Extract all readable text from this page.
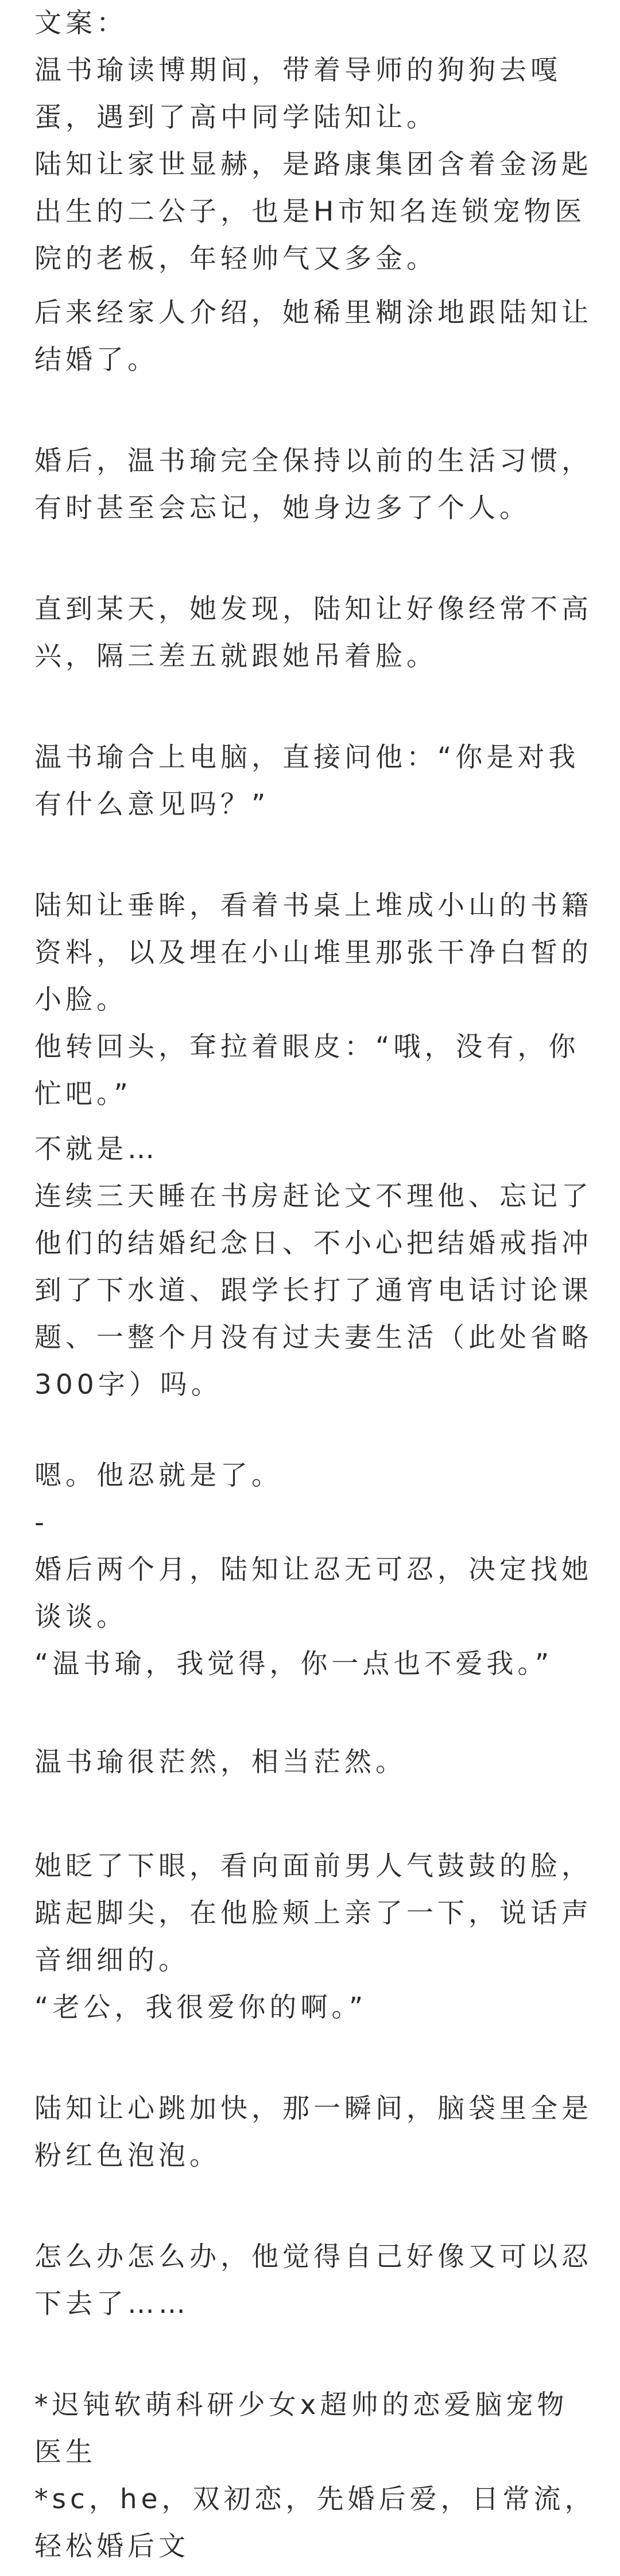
文案：

温书瑜读博期间，带着导师的狗狗去嘎蛋，遇到了高中同学陆知让。
陆知让家世显赫，是路康集团含着金汤匙出生的二公子，也是H市知名连锁宠物医院的老板，年轻帅气又多金。

后来经家人介绍，她稀里糊涂地跟陆知让结婚了。

婚后，温书瑜完全保持以前的生活习惯，有时甚至会忘记，她身边多了个人。

直到某天，她发现，陆知让好像经常不高兴，隔三差五就跟她吊着脸。

温书瑜合上电脑，直接问他：“你是对我有什么意见吗？”

陆知让垂眸，看着书桌上堆成小山的书籍资料，以及埋在小山堆里那张干净白皙的小脸。
他转回头，耷拉着眼皮：“哦，没有，你忙吧。”

不就是…
连续三天睡在书房赶论文不理他、忘记了他们的结婚纪念日、不小心把结婚戒指冲到了下水道、跟学长打了通宵电话讨论课题、一整个月没有过夫妻生活（此处省略300字）吗。

嗯。他忍就是了。
-
婚后两个月，陆知让忍无可忍，决定找她谈谈。
“温书瑜，我觉得，你一点也不爱我。”

温书瑜很茫然，相当茫然。

她眨了下眼，看向面前男人气鼓鼓的脸，踮起脚尖，在他脸颊上亲了一下，说话声音细细的。
“老公，我很爱你的啊。”

陆知让心跳加快，那一瞬间，脑袋里全是粉红色泡泡。

怎么办怎么办，他觉得自己好像又可以忍下去了……

*迟钝软萌科研少女x超帅的恋爱脑宠物医生
*sc，he，双初恋，先婚后爱，日常流，轻松婚后文
